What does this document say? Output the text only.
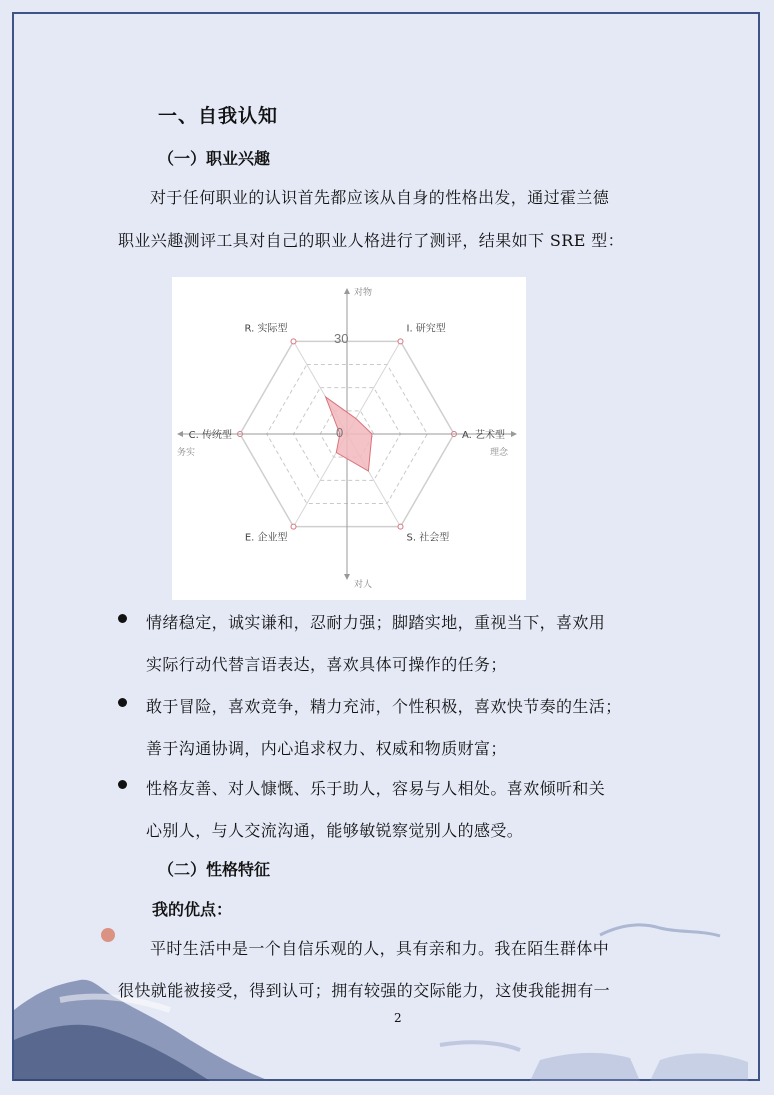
一、自我认知
（一）职业兴趣
对于任何职业的认识首先都应该从自身的性格出发，通过霍兰德
职业兴趣测评工具对自己的职业人格进行了测评，结果如下 SRE 型：
R. 实际型	I. 研究型
A. 艺术型
S. 社会型
E. 企业型
C. 传统型
30
0
对物
对人
务实	理念
情绪稳定，诚实谦和，忍耐力强；脚踏实地，重视当下，喜欢用
实际行动代替言语表达，喜欢具体可操作的任务；
敢于冒险，喜欢竞争，精力充沛，个性积极，喜欢快节奏的生活；
善于沟通协调，内心追求权力、权威和物质财富；
性格友善、对人慷慨、乐于助人，容易与人相处。喜欢倾听和关
心别人，与人交流沟通，能够敏锐察觉别人的感受。
（二）性格特征
我的优点：
平时生活中是一个自信乐观的人，具有亲和力。我在陌生群体中
很快就能被接受，得到认可；拥有较强的交际能力，这使我能拥有一
2
